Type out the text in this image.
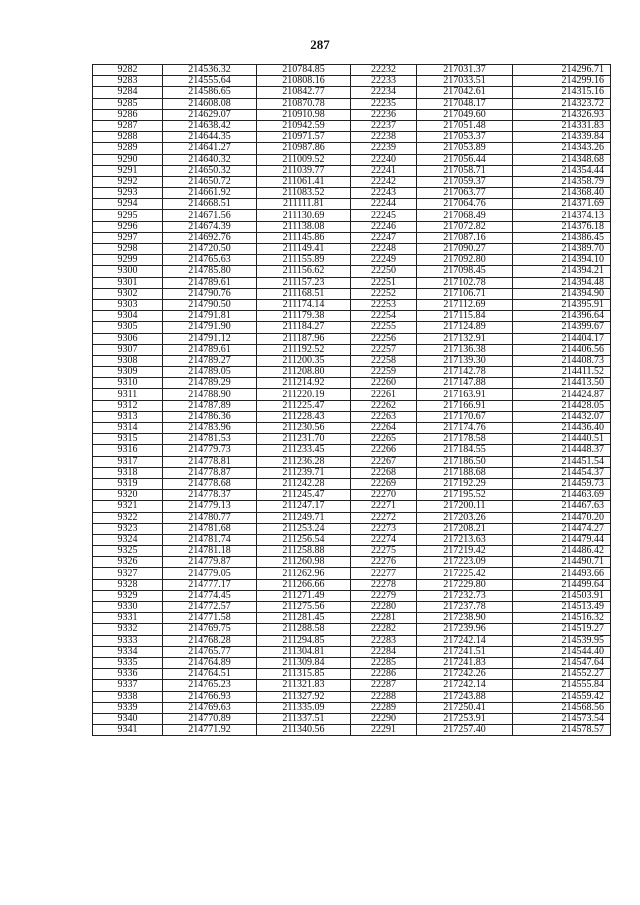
287
9282	214536.32	210784.85	22232	217031.37	214296.71
9283	214555.64	210808.16	22233	217033.51	214299.16
9284	214586.65	210842.77	22234	217042.61	214315.16
9285	214608.08	210870.78	22235	217048.17	214323.72
9286	214629.07	210910.98	22236	217049.60	214326.93
9287	214638.42	210942.59	22237	217051.48	214331.83
9288	214644.35	210971.57	22238	217053.37	214339.84
9289	214641.27	210987.86	22239	217053.89	214343.26
9290	214640.32	211009.52	22240	217056.44	214348.68
9291	214650.32	211039.77	22241	217058.71	214354.44
9292	214650.72	211061.41	22242	217059.37	214358.79
9293	214661.92	211083.52	22243	217063.77	214368.40
9294	214668.51	211111.81	22244	217064.76	214371.69
9295	214671.56	211130.69	22245	217068.49	214374.13
9296	214674.39	211138.08	22246	217072.82	214376.18
9297	214692.76	211145.86	22247	217087.16	214386.45
9298	214720.50	211149.41	22248	217090.27	214389.70
9299	214765.63	211155.89	22249	217092.80	214394.10
9300	214785.80	211156.62	22250	217098.45	214394.21
9301	214789.61	211157.23	22251	217102.78	214394.48
9302	214790.76	211168.51	22252	217106.71	214394.90
9303	214790.50	211174.14	22253	217112.69	214395.91
9304	214791.81	211179.38	22254	217115.84	214396.64
9305	214791.90	211184.27	22255	217124.89	214399.67
9306	214791.12	211187.96	22256	217132.91	214404.17
9307	214789.61	211192.52	22257	217136.38	214406.56
9308	214789.27	211200.35	22258	217139.30	214408.73
9309	214789.05	211208.80	22259	217142.78	214411.52
9310	214789.29	211214.92	22260	217147.88	214413.50
9311	214788.90	211220.19	22261	217163.91	214424.87
9312	214787.89	211225.47	22262	217166.91	214428.05
9313	214786.36	211228.43	22263	217170.67	214432.07
9314	214783.96	211230.56	22264	217174.76	214436.40
9315	214781.53	211231.70	22265	217178.58	214440.51
9316	214779.73	211233.45	22266	217184.55	214448.37
9317	214778.81	211236.28	22267	217186.50	214451.54
9318	214778.87	211239.71	22268	217188.68	214454.37
9319	214778.68	211242.28	22269	217192.29	214459.73
9320	214778.37	211245.47	22270	217195.52	214463.69
9321	214779.13	211247.17	22271	217200.11	214467.63
9322	214780.77	211249.71	22272	217203.26	214470.20
9323	214781.68	211253.24	22273	217208.21	214474.27
9324	214781.74	211256.54	22274	217213.63	214479.44
9325	214781.18	211258.88	22275	217219.42	214486.42
9326	214779.87	211260.98	22276	217223.09	214490.71
9327	214779.05	211262.96	22277	217225.42	214493.66
9328	214777.17	211266.66	22278	217229.80	214499.64
9329	214774.45	211271.49	22279	217232.73	214503.91
9330	214772.57	211275.56	22280	217237.78	214513.49
9331	214771.58	211281.45	22281	217238.90	214516.32
9332	214769.75	211288.58	22282	217239.96	214519.27
9333	214768.28	211294.85	22283	217242.14	214539.95
9334	214765.77	211304.81	22284	217241.51	214544.40
9335	214764.89	211309.84	22285	217241.83	214547.64
9336	214764.51	211315.85	22286	217242.26	214552.27
9337	214765.23	211321.83	22287	217242.14	214555.84
9338	214766.93	211327.92	22288	217243.88	214559.42
9339	214769.63	211335.09	22289	217250.41	214568.56
9340	214770.89	211337.51	22290	217253.91	214573.54
9341	214771.92	211340.56	22291	217257.40	214578.57
